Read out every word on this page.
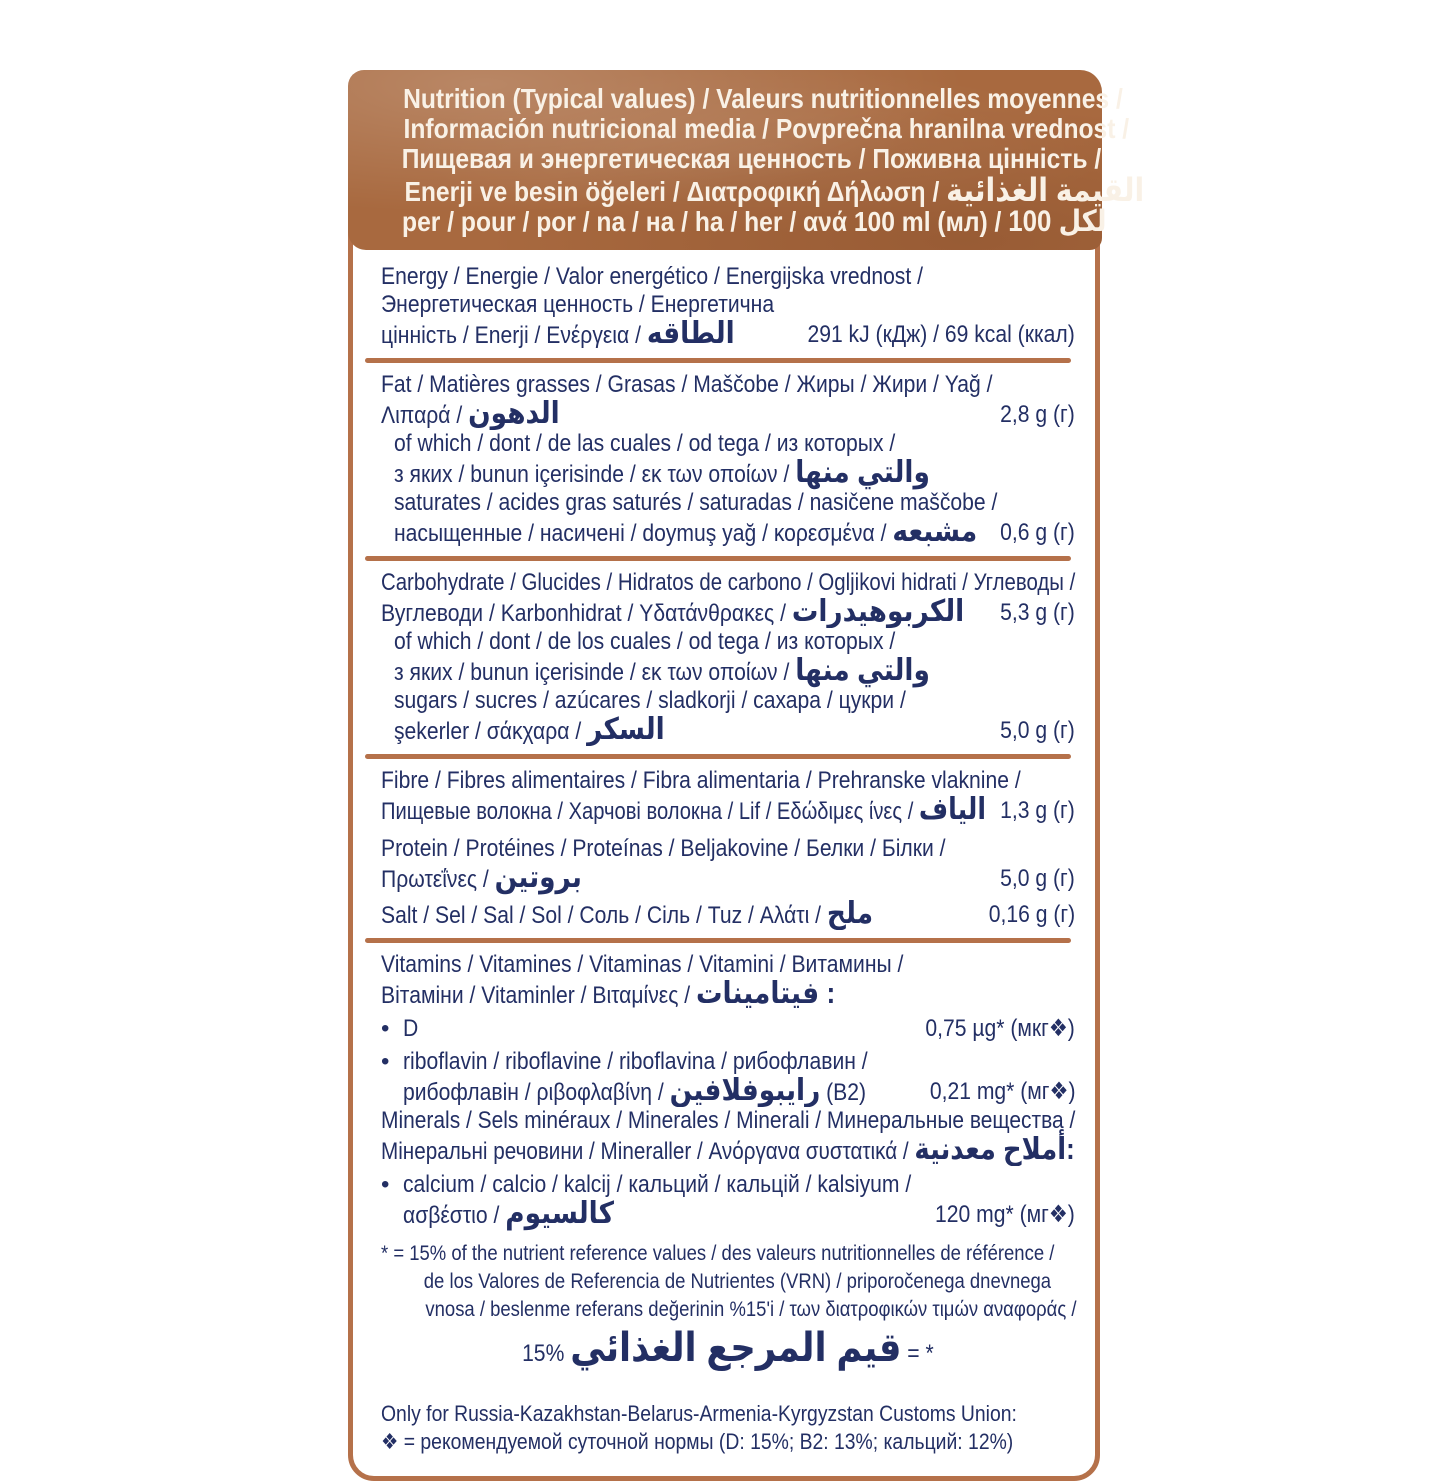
Nutrition (Typical values) / Valeurs nutritionnelles moyennes /
Información nutricional media / Povprečna hranilna vrednost /
Пищевая и энергетическая ценность / Поживна цінність /
Enerji ve besin öğeleri / Διατροφική Δήλωση / القيمة الغذائية
per / pour / por / na / на / ha / her / ανά 100 ml (мл) / لكل 100
Energy / Energie / Valor energético / Energijska vrednost /
Энергетическая ценность / Енергетична
цінність / Enerji / Ενέργεια / الطاقه	291 kJ (кДж) / 69 kcal (ккал)
Fat / Matières grasses / Grasas / Maščobe / Жиры / Жири / Yağ /
Λιπαρά / الدهون	2,8 g (г)
of which / dont / de las cuales / od tega / из которых /
з яких / bunun içerisinde / εκ των οποίων / والتي منها
saturates / acides gras saturés / saturadas / nasičene maščobe /
насыщенные / насичені / doymuş yağ / κορεσμένα / مشبعه 0,6 g (г)
Carbohydrate / Glucides / Hidratos de carbono / Ogljikovi hidrati / Углеводы /
Вуглеводи / Karbonhidrat / Υδατάνθρακες / الكربوهيدرات 5,3 g (г)
of which / dont / de los cuales / od tega / из которых /
з яких / bunun içerisinde / εκ των οποίων / والتي منها
sugars / sucres / azúcares / sladkorji / сахара / цукри /
şekerler / σάκχαρα / السكر	5,0 g (г)
Fibre / Fibres alimentaires / Fibra alimentaria / Prehranske vlaknine /
Пищевые волокна / Харчові волокна / Lif / Εδώδιμες ίνες / الياف 1,3 g (г)
Protein / Protéines / Proteínas / Beljakovine / Белки / Білки /
Πρωτεΐνες / بروتين	5,0 g (г)
Salt / Sel / Sal / Sol / Соль / Сіль / Tuz / Αλάτι / ملح	0,16 g (г)
Vitamins / Vitamines / Vitaminas / Vitamini / Витамины /
Вітаміни / Vitaminler / Βιταμίνες / فيتامينات :
• D	0,75 µg* (мкг❖)
• riboflavin / riboflavine / riboflavina / рибофлавин /
рибофлавін / ριβοφλαβίνη / رايبوفلافين (B2)	0,21 mg* (мг❖)
Minerals / Sels minéraux / Minerales / Minerali / Минеральные вещества /
Мінеральні речовини / Mineraller / Ανόργανα συστατικά / أملاح معدنية:
• calcium / calcio / kalcij / кальций / кальцій / kalsiyum /
ασβέστιο / كالسيوم	120 mg* (мг❖)
* = 15% of the nutrient reference values / des valeurs nutritionnelles de référence /
de los Valores de Referencia de Nutrientes (VRN) / priporočenega dnevnega
vnosa / beslenme referans değerinin %15'i / των διατροφικών τιμών αναφοράς /
قيم المرجع الغذائي %15 = *
Only for Russia-Kazakhstan-Belarus-Armenia-Kyrgyzstan Customs Union:
❖ = рекомендуемой суточной нормы (D: 15%; B2: 13%; кальций: 12%)
